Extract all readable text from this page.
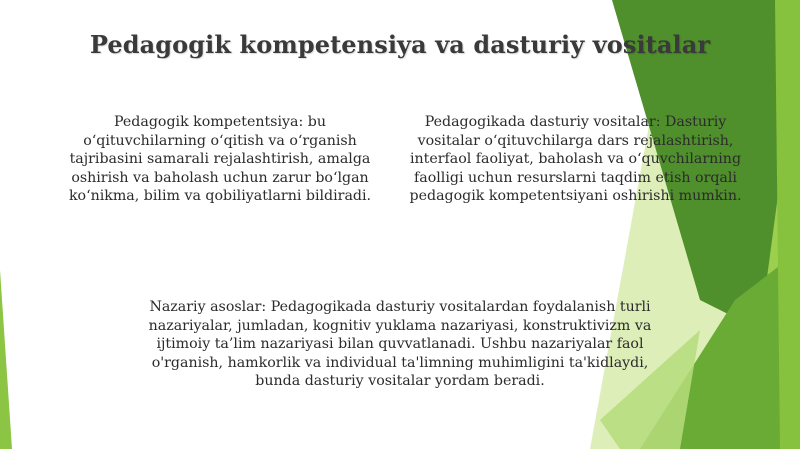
Pedagogik kompetensiya va dasturiy vositalar
Pedagogik kompetentsiya: bu o‘qituvchilarning o‘qitish va o‘rganish tajribasini samarali rejalashtirish, amalga oshirish va baholash uchun zarur bo‘lgan ko‘nikma, bilim va qobiliyatlarni bildiradi.
Pedagogikada dasturiy vositalar: Dasturiy vositalar o‘qituvchilarga dars rejalashtirish, interfaol faoliyat, baholash va o‘quvchilarning faolligi uchun resurslarni taqdim etish orqali pedagogik kompetentsiyani oshirishi mumkin.
Nazariy asoslar: Pedagogikada dasturiy vositalardan foydalanish turli nazariyalar, jumladan, kognitiv yuklama nazariyasi, konstruktivizm va ijtimoiy ta’lim nazariyasi bilan quvvatlanadi. Ushbu nazariyalar faol o'rganish, hamkorlik va individual ta'limning muhimligini ta'kidlaydi, bunda dasturiy vositalar yordam beradi.
